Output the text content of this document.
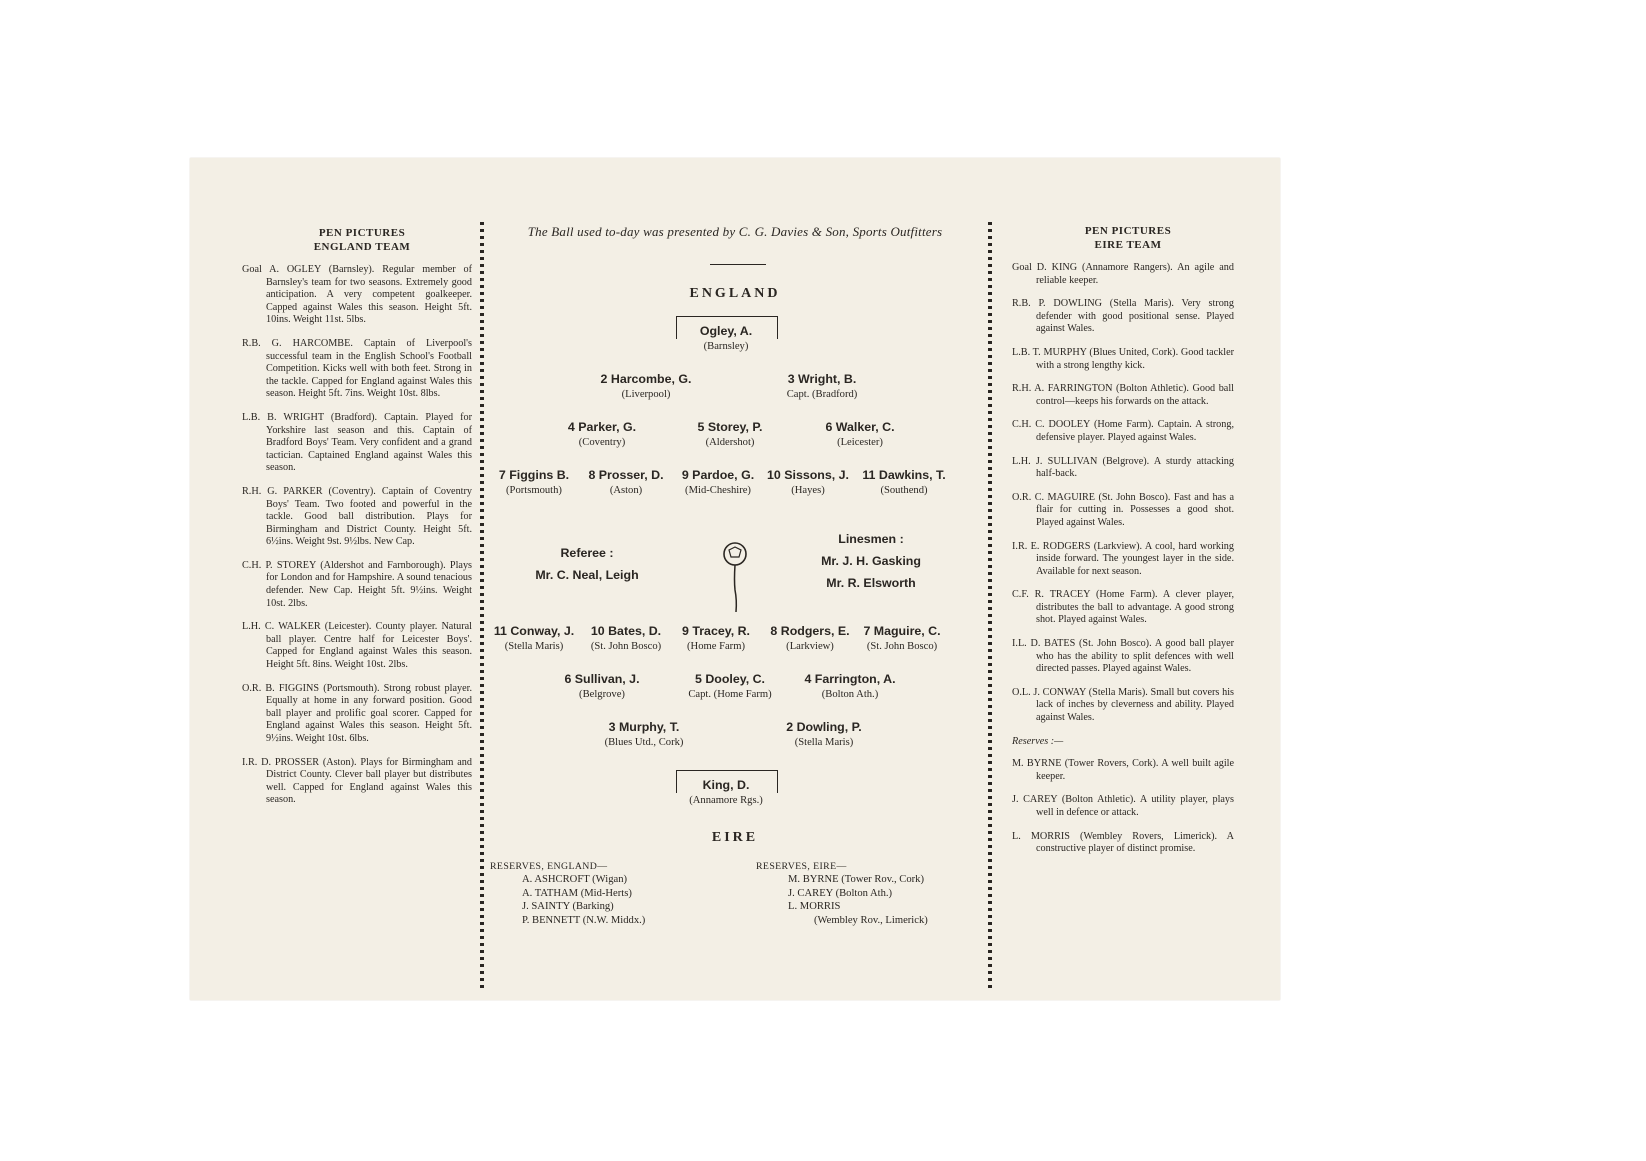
PEN PICTURES
ENGLAND TEAM

Goal A. OGLEY (Barnsley). Regular member of Barnsley's team for two seasons. Extremely good anticipation. A very competent goalkeeper. Capped against Wales this season. Height 5ft. 10ins. Weight 11st. 5lbs.

R.B. G. HARCOMBE. Captain of Liverpool's successful team in the English School's Football Competition. Kicks well with both feet. Strong in the tackle. Capped for England against Wales this season. Height 5ft. 7ins. Weight 10st. 8lbs.

L.B. B. WRIGHT (Bradford). Captain. Played for Yorkshire last season and this. Captain of Bradford Boys' Team. Very confident and a grand tactician. Captained England against Wales this season.

R.H. G. PARKER (Coventry). Captain of Coventry Boys' Team. Two footed and powerful in the tackle. Good ball distribution. Plays for Birmingham and District County. Height 5ft. 6½ins. Weight 9st. 9½lbs. New Cap.

C.H. P. STOREY (Aldershot and Farnborough). Plays for London and for Hampshire. A sound tenacious defender. New Cap. Height 5ft. 9½ins. Weight 10st. 2lbs.

L.H. C. WALKER (Leicester). County player. Natural ball player. Centre half for Leicester Boys'. Capped for England against Wales this season. Height 5ft. 8ins. Weight 10st. 2lbs.

O.R. B. FIGGINS (Portsmouth). Strong robust player. Equally at home in any forward position. Good ball player and prolific goal scorer. Capped for England against Wales this season. Height 5ft. 9½ins. Weight 10st. 6lbs.

I.R. D. PROSSER (Aston). Plays for Birmingham and District County. Clever ball player but distributes well. Capped for England against Wales this season.

The Ball used to-day was presented by C. G. Davies & Son, Sports Outfitters
ENGLAND
Ogley, A.
(Barnsley)
2 Harcombe, G.
(Liverpool)
3 Wright, B.
Capt. (Bradford)
4 Parker, G.
(Coventry)
5 Storey, P.
(Aldershot)
6 Walker, C.
(Leicester)
7 Figgins B.
(Portsmouth)
8 Prosser, D.
(Aston)
9 Pardoe, G.
(Mid-Cheshire)
10 Sissons, J.
(Hayes)
11 Dawkins, T.
(Southend)
Referee :
Mr. C. Neal, Leigh
Linesmen :
Mr. J. H. Gasking
Mr. R. Elsworth
11 Conway, J.
(Stella Maris)
10 Bates, D.
(St. John Bosco)
9 Tracey, R.
(Home Farm)
8 Rodgers, E.
(Larkview)
7 Maguire, C.
(St. John Bosco)
6 Sullivan, J.
(Belgrove)
5 Dooley, C.
Capt. (Home Farm)
4 Farrington, A.
(Bolton Ath.)
3 Murphy, T.
(Blues Utd., Cork)
2 Dowling, P.
(Stella Maris)
King, D.
(Annamore Rgs.)
EIRE
RESERVES, ENGLAND—
A. ASHCROFT (Wigan)
A. TATHAM (Mid-Herts)
J. SAINTY (Barking)
P. BENNETT (N.W. Middx.)
RESERVES, EIRE—
M. BYRNE (Tower Rov., Cork)
J. CAREY (Bolton Ath.)
L. MORRIS
(Wembley Rov., Limerick)
PEN PICTURES
EIRE TEAM

Goal D. KING (Annamore Rangers). An agile and reliable keeper.

R.B. P. DOWLING (Stella Maris). Very strong defender with good positional sense. Played against Wales.

L.B. T. MURPHY (Blues United, Cork). Good tackler with a strong lengthy kick.

R.H. A. FARRINGTON (Bolton Athletic). Good ball control—keeps his forwards on the attack.

C.H. C. DOOLEY (Home Farm). Captain. A strong, defensive player. Played against Wales.

L.H. J. SULLIVAN (Belgrove). A sturdy attacking half-back.

O.R. C. MAGUIRE (St. John Bosco). Fast and has a flair for cutting in. Possesses a good shot. Played against Wales.

I.R. E. RODGERS (Larkview). A cool, hard working inside forward. The youngest layer in the side. Available for next season.

C.F. R. TRACEY (Home Farm). A clever player, distributes the ball to advantage. A good strong shot. Played against Wales.

I.L. D. BATES (St. John Bosco). A good ball player who has the ability to split defences with well directed passes. Played against Wales.

O.L. J. CONWAY (Stella Maris). Small but covers his lack of inches by cleverness and ability. Played against Wales.

Reserves :—

M. BYRNE (Tower Rovers, Cork). A well built agile keeper.

J. CAREY (Bolton Athletic). A utility player, plays well in defence or attack.

L. MORRIS (Wembley Rovers, Limerick). A constructive player of distinct promise.
